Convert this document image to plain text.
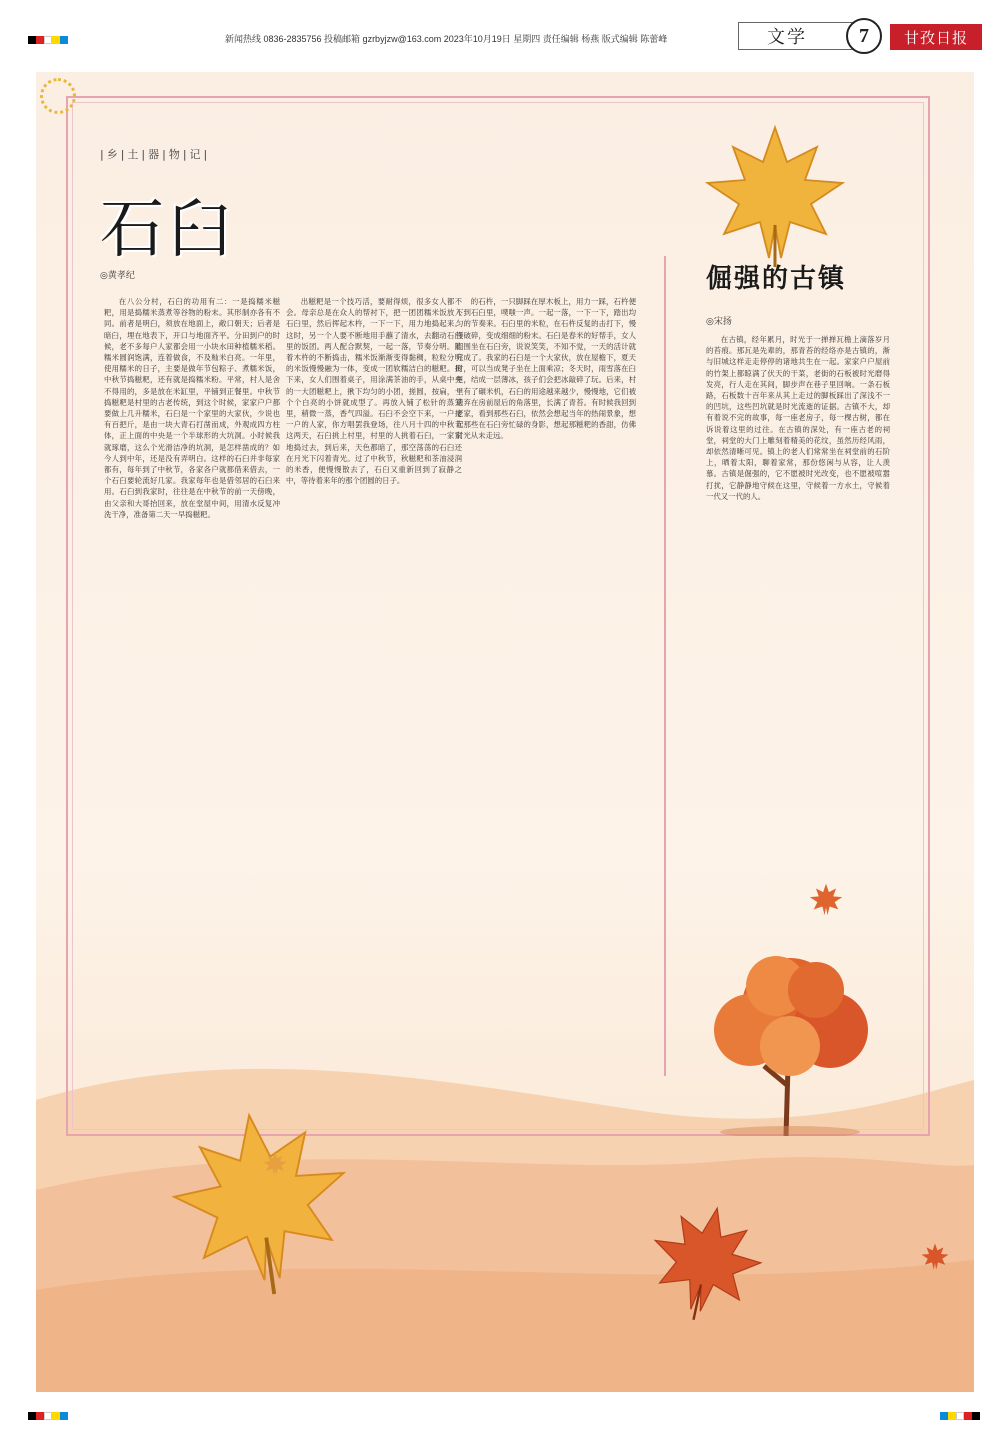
新闻热线 0836-2835756 投稿邮箱 gzrbyjzw@163.com 2023年10月19日 星期四 责任编辑 杨燕 版式编辑 陈蕾峰	文学	7	甘孜日报
|乡|土|器|物|记|
石臼
◎黄孝纪

在八公分村，石臼的功用有二：一是捣糯米糍粑，用是捣糯米蒸煮等谷物的粉末。其形制亦各有不同。前者是明臼，须放在地面上，敞口朝天；后者是暗臼，埋在地表下，开口与地面齐平。分田到户的时候，老不多每户人家都会用一小块水田种植糯米稻。糯米圆润饱满，连着做食，不及籼米白亮。一年里，使用糯米的日子，主要是做年节包粽子、煮糯米饭，中秋节捣糍粑，还有就是捣糯米粉。平常，村人是舍不得用的，多是放在米缸里，平铺到正餐里。中秋节捣糍粑是村里的古老传统，到这个时候，家家户户都要做上几升糯米，石臼是一个家里的大家伙，少说也有百把斤，是由一块大青石打凿而成，外观成四方柱体，正上面的中央是一个半球形的大坑洞。小时候我就琢磨，这么个光滑洁净的坑洞，是怎样凿成的？如今人到中年，还是没有弄明白。这样的石臼并非每家都有，每年到了中秋节，各家各户就都借来借去，一个石臼要轮流好几家。我家每年也是借邻居的石臼来用。石臼到我家时，往往是在中秋节的前一天傍晚，由父亲和大哥抬回来，放在堂屋中间，用清水反复冲洗干净，准备第二天一早捣糍粑。

出糍粑是一个技巧活，要耐得烦，很多女人都不会。母亲总是在众人的帮衬下，把一团团糯米饭放入石臼里，然后挥起木杵，一下一下，用力地捣起来。这时，另一个人要不断地用手蘸了清水，去翻动石臼里的饭团。两人配合默契，一起一落，节奏分明。随着木杵的不断捣击，糯米饭渐渐变得黏稠，粒粒分明的米饭慢慢融为一体，变成一团软糯洁白的糍粑。接下来，女人们围着桌子，用涂满茶油的手，从桌中央的一大团糍粑上，揪下均匀的小团，搓圆，按扁，一个个白亮的小饼就成型了。再放入铺了松针的蒸笼里，稍微一蒸，香气四溢。石臼不会空下来，一户接一户的人家，你方唱罢我登场，往八月十四的中秋节这两天，石臼挑上村里，村里的人挑着石臼，一家家地捣过去，到后来，天色都暗了，那空荡荡的石臼还在月光下闪着青光。过了中秋节，秋糍粑和茶油浸润的米香，便慢慢散去了，石臼又重新回到了寂静之中，等待着来年的那个团圆的日子。

的石杵，一只脚踩在厚木板上，用力一踩，石杵便下到石臼里，噗嗤一声。一起一落，一下一下，踏出均匀的节奏来。石臼里的米粒，在石杵反复的击打下，慢慢破碎，变成细细的粉末。石臼是春米的好帮手，女人们围坐在石臼旁，说说笑笑，不知不觉，一天的活计就完成了。我家的石臼是一个大家伙，放在屋檐下，夏天时，可以当成凳子坐在上面乘凉；冬天时，雨雪落在臼里，结成一层薄冰，孩子们会把冰敲碎了玩。后来，村里有了碾米机，石臼的用途越来越少，慢慢地，它们被遗弃在房前屋后的角落里，长满了青苔。有时候我回到老家，看到那些石臼，依然会想起当年的热闹景象，想起那些在石臼旁忙碌的身影，想起那糍粑的香甜，仿佛时光从未走远。

倔强的古镇
◎宋扬

在古镇，经年累月，时光于一掸掸瓦檐上滴落岁月的苔痕。那瓦是先辈的，那青苔的经络亦是古镇的，渐与旧城这样走走停停的诸地共生在一起。家家户户屋前的竹架上都晾满了伏天的干菜，老街的石板被时光磨得发亮，行人走在其间，脚步声在巷子里回响。一条石板路，石板数十百年来从其上走过的脚板踩出了深浅不一的凹坑，这些凹坑就是时光流逝的证据。古镇不大，却有着说不完的故事，每一座老房子，每一棵古树，都在诉说着这里的过往。在古镇的深处，有一座古老的祠堂，祠堂的大门上雕刻着精美的花纹，虽然历经风雨，却依然清晰可见。镇上的老人们常常坐在祠堂前的石阶上，晒着太阳，聊着家常，那份悠闲与从容，让人羡慕。古镇是倔强的，它不愿被时光改变，也不愿被喧嚣打扰，它静静地守候在这里，守候着一方水土，守候着一代又一代的人。
